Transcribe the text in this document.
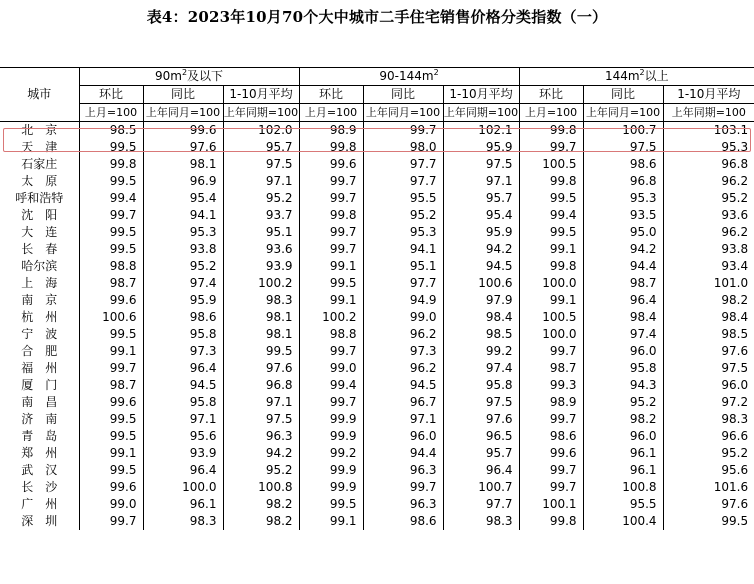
表4：2023年10月70个大中城市二手住宅销售价格分类指数（一）
城市	$90m^2$及以下			$90-144m^2$			$144m^2$以上		
	环比	同比	1-10月平均	环比	同比	1-10月平均	环比	同比	1-10月平均
	上月=100	上年同月=100	上年同期=100	上月=100	上年同月=100	上年同期=100	上月=100	上年同月=100	上年同期=100
北　京	98.5	99.6	102.0	98.9	99.7	102.1	99.8	100.7	103.1
天　津	99.5	97.6	95.7	99.8	98.0	95.9	99.7	97.5	95.3
石家庄	99.8	98.1	97.5	99.6	97.7	97.5	100.5	98.6	96.8
太　原	99.5	96.9	97.1	99.7	97.7	97.1	99.8	96.8	96.2
呼和浩特	99.4	95.4	95.2	99.7	95.5	95.7	99.5	95.3	95.2
沈　阳	99.7	94.1	93.7	99.8	95.2	95.4	99.4	93.5	93.6
大　连	99.5	95.3	95.1	99.7	95.3	95.9	99.5	95.0	96.2
长　春	99.5	93.8	93.6	99.7	94.1	94.2	99.1	94.2	93.8
哈尔滨	98.8	95.2	93.9	99.1	95.1	94.5	99.8	94.4	93.4
上　海	98.7	97.4	100.2	99.5	97.7	100.6	100.0	98.7	101.0
南　京	99.6	95.9	98.3	99.1	94.9	97.9	99.1	96.4	98.2
杭　州	100.6	98.6	98.1	100.2	99.0	98.4	100.5	98.4	98.4
宁　波	99.5	95.8	98.1	98.8	96.2	98.5	100.0	97.4	98.5
合　肥	99.1	97.3	99.5	99.7	97.3	99.2	99.7	96.0	97.6
福　州	99.7	96.4	97.6	99.0	96.2	97.4	98.7	95.8	97.5
厦　门	98.7	94.5	96.8	99.4	94.5	95.8	99.3	94.3	96.0
南　昌	99.6	95.8	97.1	99.7	96.7	97.5	98.9	95.2	97.2
济　南	99.5	97.1	97.5	99.9	97.1	97.6	99.7	98.2	98.3
青　岛	99.5	95.6	96.3	99.9	96.0	96.5	98.6	96.0	96.6
郑　州	99.1	93.9	94.2	99.2	94.4	95.7	99.6	96.1	95.2
武　汉	99.5	96.4	95.2	99.9	96.3	96.4	99.7	96.1	95.6
长　沙	99.6	100.0	100.8	99.9	99.7	100.7	99.7	100.8	101.6
广　州	99.0	96.1	98.2	99.5	96.3	97.7	100.1	95.5	97.6
深　圳	99.7	98.3	98.2	99.1	98.6	98.3	99.8	100.4	99.5
